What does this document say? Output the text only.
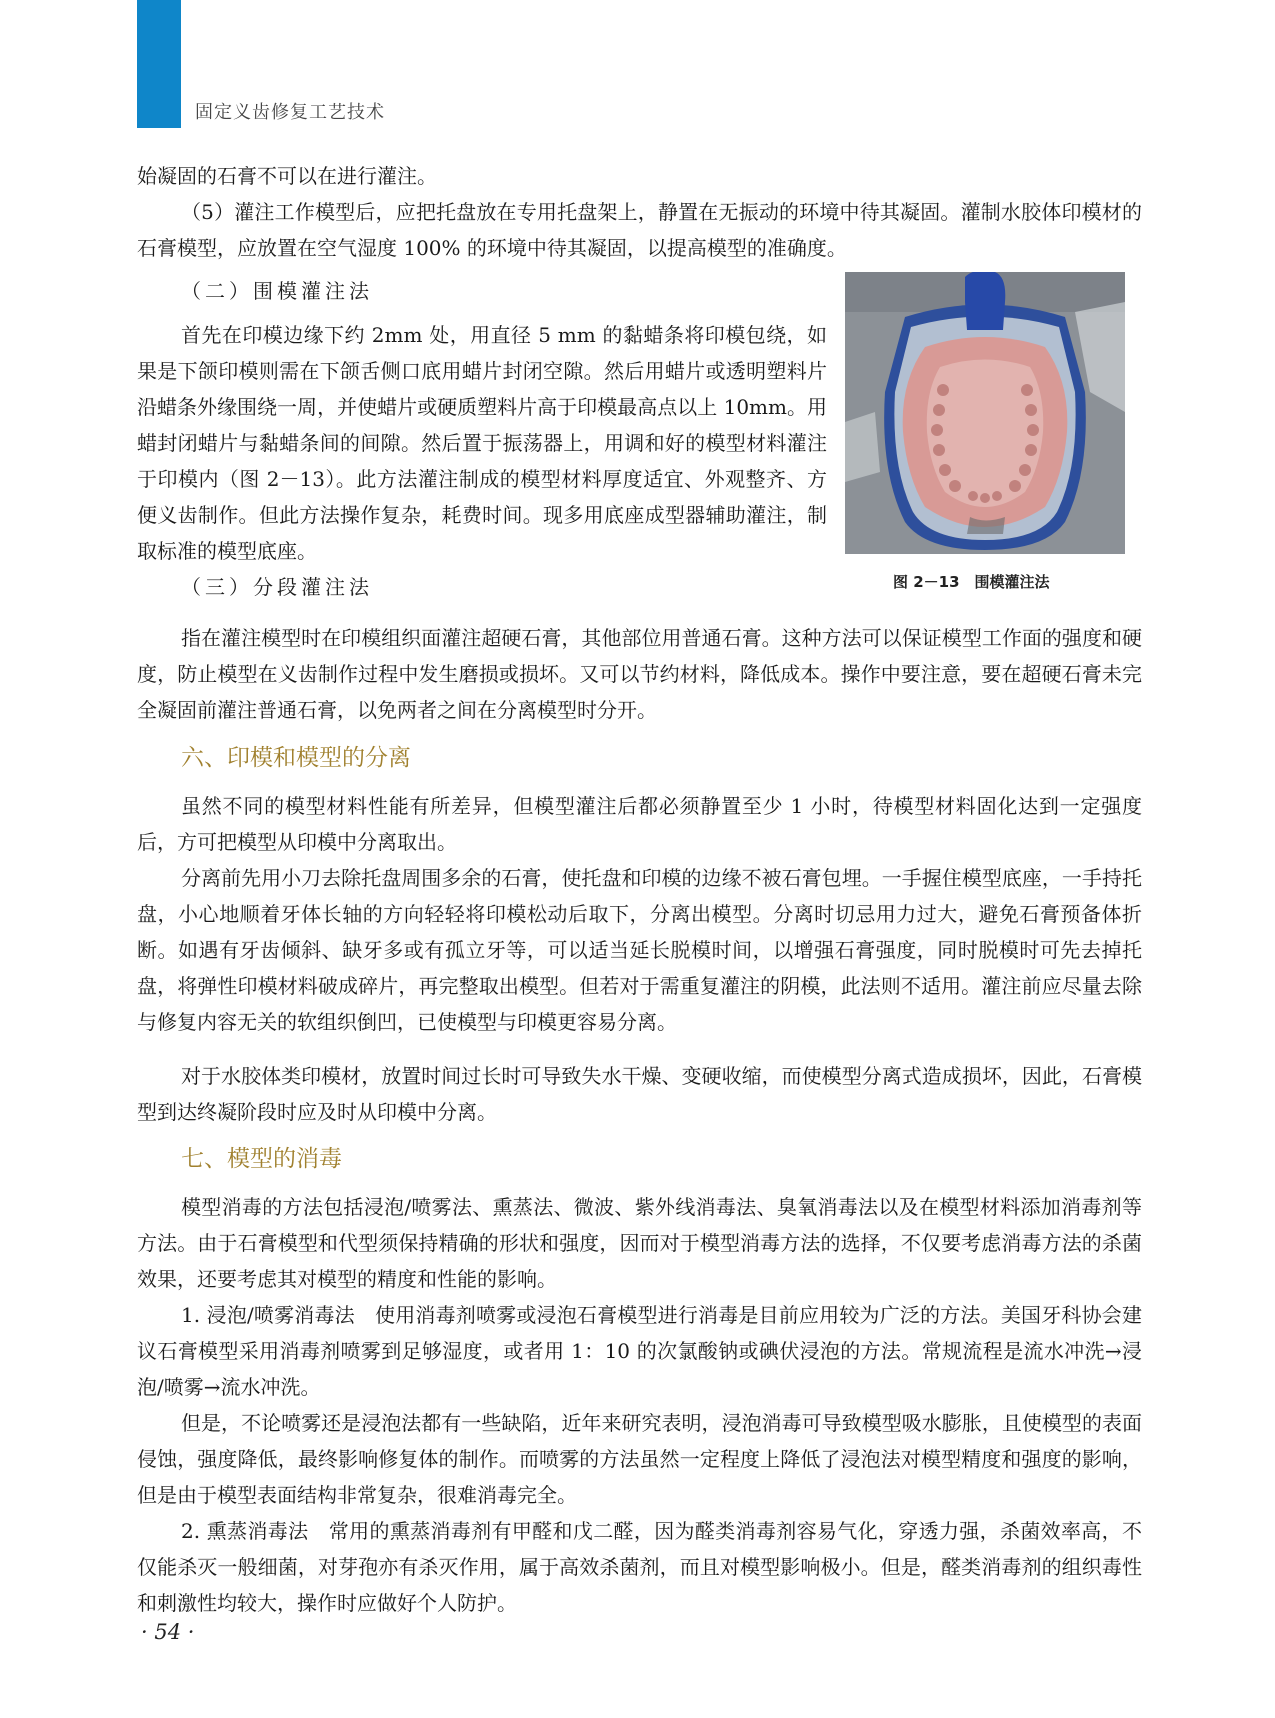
固定义齿修复工艺技术

始凝固的石膏不可以在进行灌注。

（5）灌注工作模型后，应把托盘放在专用托盘架上，静置在无振动的环境中待其凝固。灌制水胶体印模材的石膏模型，应放置在空气湿度 100% 的环境中待其凝固，以提高模型的准确度。

（二）围模灌注法

首先在印模边缘下约 2mm 处，用直径 5 mm 的黏蜡条将印模包绕，如果是下颌印模则需在下颌舌侧口底用蜡片封闭空隙。然后用蜡片或透明塑料片沿蜡条外缘围绕一周，并使蜡片或硬质塑料片高于印模最高点以上 10mm。用蜡封闭蜡片与黏蜡条间的间隙。然后置于振荡器上，用调和好的模型材料灌注于印模内（图 2－13）。此方法灌注制成的模型材料厚度适宜、外观整齐、方便义齿制作。但此方法操作复杂，耗费时间。现多用底座成型器辅助灌注，制取标准的模型底座。

图 2－13　围模灌注法

（三）分段灌注法

指在灌注模型时在印模组织面灌注超硬石膏，其他部位用普通石膏。这种方法可以保证模型工作面的强度和硬度，防止模型在义齿制作过程中发生磨损或损坏。又可以节约材料，降低成本。操作中要注意，要在超硬石膏未完全凝固前灌注普通石膏，以免两者之间在分离模型时分开。

六、印模和模型的分离

虽然不同的模型材料性能有所差异，但模型灌注后都必须静置至少 1 小时，待模型材料固化达到一定强度后，方可把模型从印模中分离取出。

分离前先用小刀去除托盘周围多余的石膏，使托盘和印模的边缘不被石膏包埋。一手握住模型底座，一手持托盘，小心地顺着牙体长轴的方向轻轻将印模松动后取下，分离出模型。分离时切忌用力过大，避免石膏预备体折断。如遇有牙齿倾斜、缺牙多或有孤立牙等，可以适当延长脱模时间，以增强石膏强度，同时脱模时可先去掉托盘，将弹性印模材料破成碎片，再完整取出模型。但若对于需重复灌注的阴模，此法则不适用。灌注前应尽量去除与修复内容无关的软组织倒凹，已使模型与印模更容易分离。

对于水胶体类印模材，放置时间过长时可导致失水干燥、变硬收缩，而使模型分离式造成损坏，因此，石膏模型到达终凝阶段时应及时从印模中分离。

七、模型的消毒

模型消毒的方法包括浸泡/喷雾法、熏蒸法、微波、紫外线消毒法、臭氧消毒法以及在模型材料添加消毒剂等方法。由于石膏模型和代型须保持精确的形状和强度，因而对于模型消毒方法的选择，不仅要考虑消毒方法的杀菌效果，还要考虑其对模型的精度和性能的影响。

1. 浸泡/喷雾消毒法　使用消毒剂喷雾或浸泡石膏模型进行消毒是目前应用较为广泛的方法。美国牙科协会建议石膏模型采用消毒剂喷雾到足够湿度，或者用 1：10 的次氯酸钠或碘伏浸泡的方法。常规流程是流水冲洗→浸泡/喷雾→流水冲洗。

但是，不论喷雾还是浸泡法都有一些缺陷，近年来研究表明，浸泡消毒可导致模型吸水膨胀，且使模型的表面侵蚀，强度降低，最终影响修复体的制作。而喷雾的方法虽然一定程度上降低了浸泡法对模型精度和强度的影响，但是由于模型表面结构非常复杂，很难消毒完全。

2. 熏蒸消毒法　常用的熏蒸消毒剂有甲醛和戊二醛，因为醛类消毒剂容易气化，穿透力强，杀菌效率高，不仅能杀灭一般细菌，对芽孢亦有杀灭作用，属于高效杀菌剂，而且对模型影响极小。但是，醛类消毒剂的组织毒性和刺激性均较大，操作时应做好个人防护。

· 54 ·
